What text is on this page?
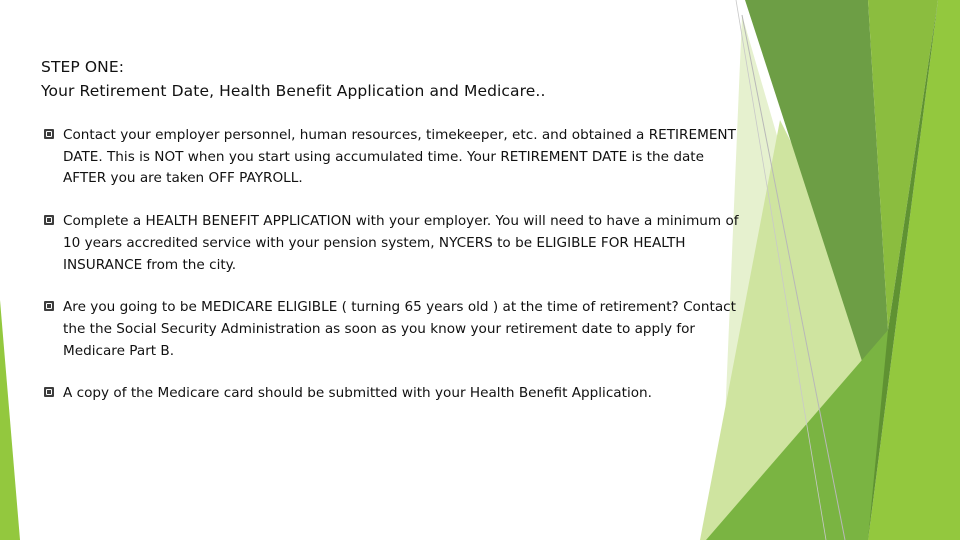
STEP ONE:
Your Retirement Date, Health Benefit Application and Medicare..
Contact your employer personnel, human resources, timekeeper, etc. and obtained a RETIREMENT DATE. This is NOT when you start using accumulated time. Your RETIREMENT DATE is the date AFTER you are taken OFF PAYROLL.
Complete a HEALTH BENEFIT APPLICATION with your employer. You will need to have a minimum of 10 years accredited service with your pension system, NYCERS to be ELIGIBLE FOR HEALTH INSURANCE from the city.
Are you going to be MEDICARE ELIGIBLE ( turning 65 years old ) at the time of retirement? Contact the the Social Security Administration as soon as you know your retirement date to apply for Medicare Part B.
A copy of the Medicare card should be submitted with your Health Benefit Application.
